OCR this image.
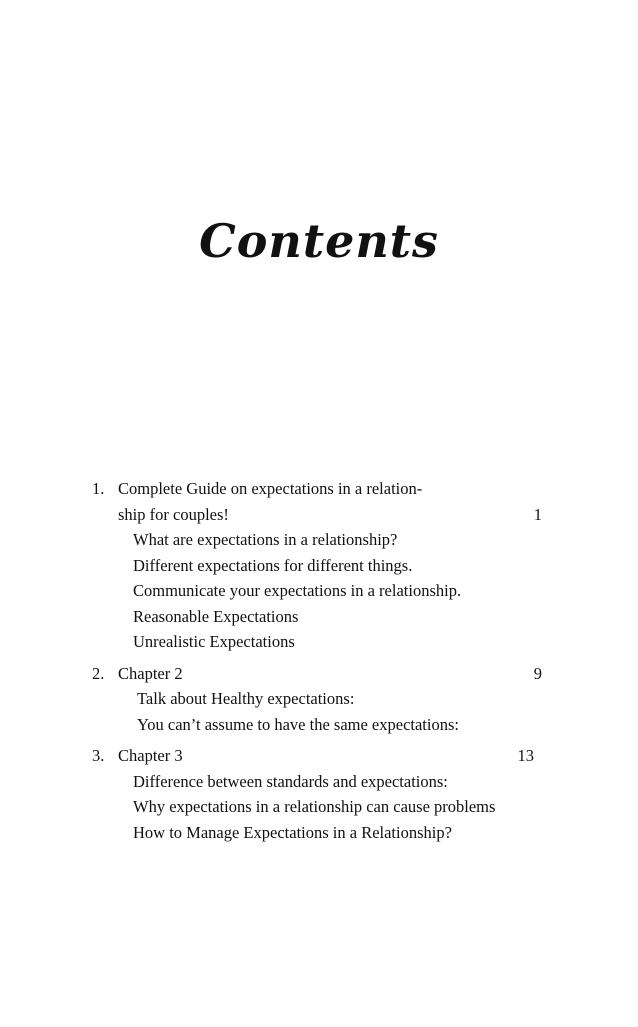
Contents
1. Complete Guide on expectations in a relation-
ship for couples!	1
What are expectations in a relationship?
Different expectations for different things.
Communicate your expectations in a relationship.
Reasonable Expectations
Unrealistic Expectations
2. Chapter 2	9
Talk about Healthy expectations:
You can’t assume to have the same expectations:
3. Chapter 3	13
Difference between standards and expectations:
Why expectations in a relationship can cause problems
How to Manage Expectations in a Relationship?
